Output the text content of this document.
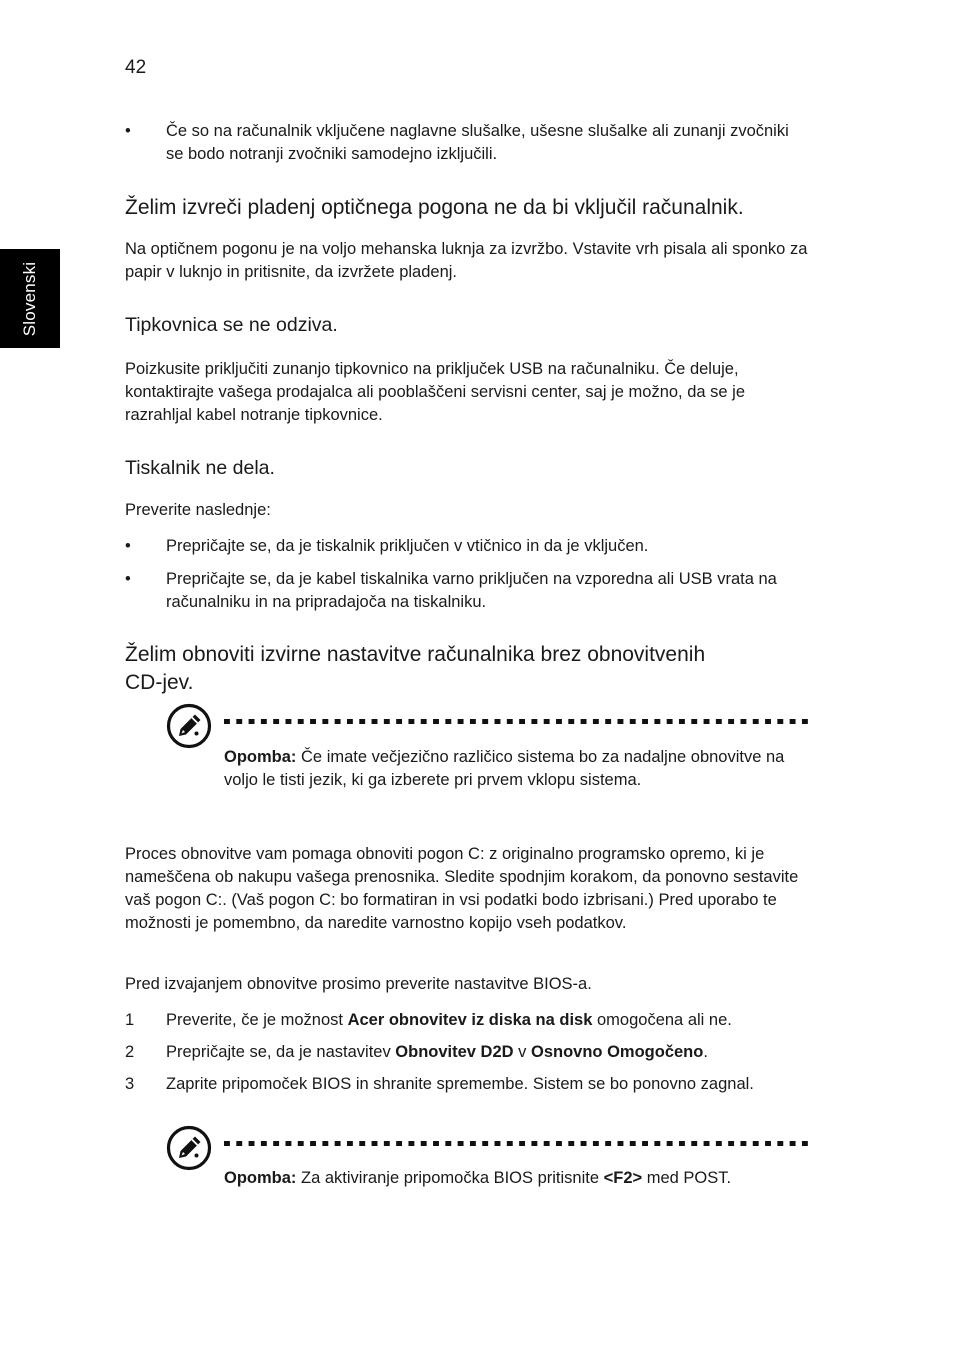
42
Slovenski
• Če so na računalnik vključene naglavne slušalke, ušesne slušalke ali zunanji zvočniki se bodo notranji zvočniki samodejno izključili.
Želim izvreči pladenj optičnega pogona ne da bi vključil računalnik.
Na optičnem pogonu je na voljo mehanska luknja za izvržbo. Vstavite vrh pisala ali sponko za papir v luknjo in pritisnite, da izvržete pladenj.
Tipkovnica se ne odziva.
Poizkusite priključiti zunanjo tipkovnico na priključek USB na računalniku. Če deluje, kontaktirajte vašega prodajalca ali pooblaščeni servisni center, saj je možno, da se je razrahljal kabel notranje tipkovnice.
Tiskalnik ne dela.
Preverite naslednje:
• Prepričajte se, da je tiskalnik priključen v vtičnico in da je vključen.
• Prepričajte se, da je kabel tiskalnika varno priključen na vzporedna ali USB vrata na računalniku in na pripradajoča na tiskalniku.
Želim obnoviti izvirne nastavitve računalnika brez obnovitvenih
CD-jev.
Opomba: Če imate večjezično različico sistema bo za nadaljne obnovitve na voljo le tisti jezik, ki ga izberete pri prvem vklopu sistema.
Proces obnovitve vam pomaga obnoviti pogon C: z originalno programsko opremo, ki je nameščena ob nakupu vašega prenosnika. Sledite spodnjim korakom, da ponovno sestavite vaš pogon C:. (Vaš pogon C: bo formatiran in vsi podatki bodo izbrisani.) Pred uporabo te možnosti je pomembno, da naredite varnostno kopijo vseh podatkov.
Pred izvajanjem obnovitve prosimo preverite nastavitve BIOS-a.
1 Preverite, če je možnost Acer obnovitev iz diska na disk omogočena ali ne.
2 Prepričajte se, da je nastavitev Obnovitev D2D v Osnovno Omogočeno.
3 Zaprite pripomoček BIOS in shranite spremembe. Sistem se bo ponovno zagnal.
Opomba: Za aktiviranje pripomočka BIOS pritisnite <F2> med POST.
